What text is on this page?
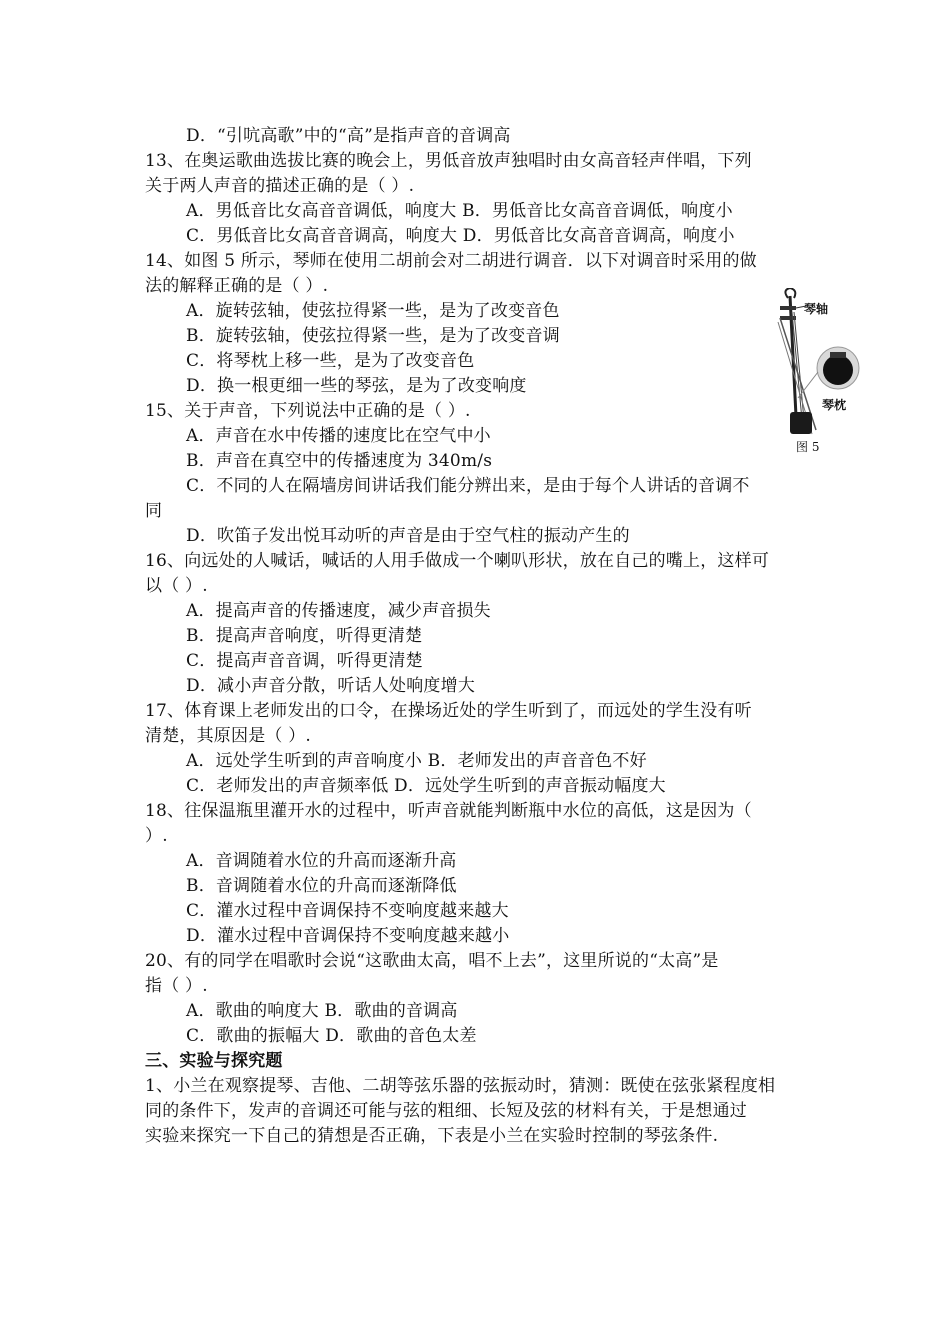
D．“引吭高歌”中的“高”是指声音的音调高
13、在奥运歌曲选拔比赛的晚会上，男低音放声独唱时由女高音轻声伴唱，下列
关于两人声音的描述正确的是（ ）.
A．男低音比女高音音调低，响度大 B．男低音比女高音音调低，响度小
C．男低音比女高音音调高，响度大 D．男低音比女高音音调高，响度小
14、如图 5 所示，琴师在使用二胡前会对二胡进行调音．以下对调音时采用的做
法的解释正确的是（ ）.
A．旋转弦轴，使弦拉得紧一些，是为了改变音色
B．旋转弦轴，使弦拉得紧一些，是为了改变音调
C．将琴枕上移一些，是为了改变音色
D．换一根更细一些的琴弦，是为了改变响度
15、关于声音，下列说法中正确的是（ ）.
A．声音在水中传播的速度比在空气中小
B．声音在真空中的传播速度为 340m/s
C．不同的人在隔墙房间讲话我们能分辨出来，是由于每个人讲话的音调不
同
D．吹笛子发出悦耳动听的声音是由于空气柱的振动产生的
16、向远处的人喊话，喊话的人用手做成一个喇叭形状，放在自己的嘴上，这样可
以（ ）.
A．提高声音的传播速度，减少声音损失
B．提高声音响度，听得更清楚
C．提高声音音调，听得更清楚
D．减小声音分散，听话人处响度增大
17、体育课上老师发出的口令，在操场近处的学生听到了，而远处的学生没有听
清楚，其原因是（ ）.
A．远处学生听到的声音响度小 B．老师发出的声音音色不好
C．老师发出的声音频率低 D．远处学生听到的声音振动幅度大
18、往保温瓶里灌开水的过程中，听声音就能判断瓶中水位的高低，这是因为（
）.
A．音调随着水位的升高而逐渐升高
B．音调随着水位的升高而逐渐降低
C．灌水过程中音调保持不变响度越来越大
D．灌水过程中音调保持不变响度越来越小
20、有的同学在唱歌时会说“这歌曲太高，唱不上去”，这里所说的“太高”是
指（ ）.
A．歌曲的响度大 B．歌曲的音调高
C．歌曲的振幅大 D．歌曲的音色太差
三、实验与探究题
1、小兰在观察提琴、吉他、二胡等弦乐器的弦振动时，猜测：既使在弦张紧程度相
同的条件下，发声的音调还可能与弦的粗细、长短及弦的材料有关，于是想通过
实验来探究一下自己的猜想是否正确，下表是小兰在实验时控制的琴弦条件.
琴轴
琴枕
图 5
